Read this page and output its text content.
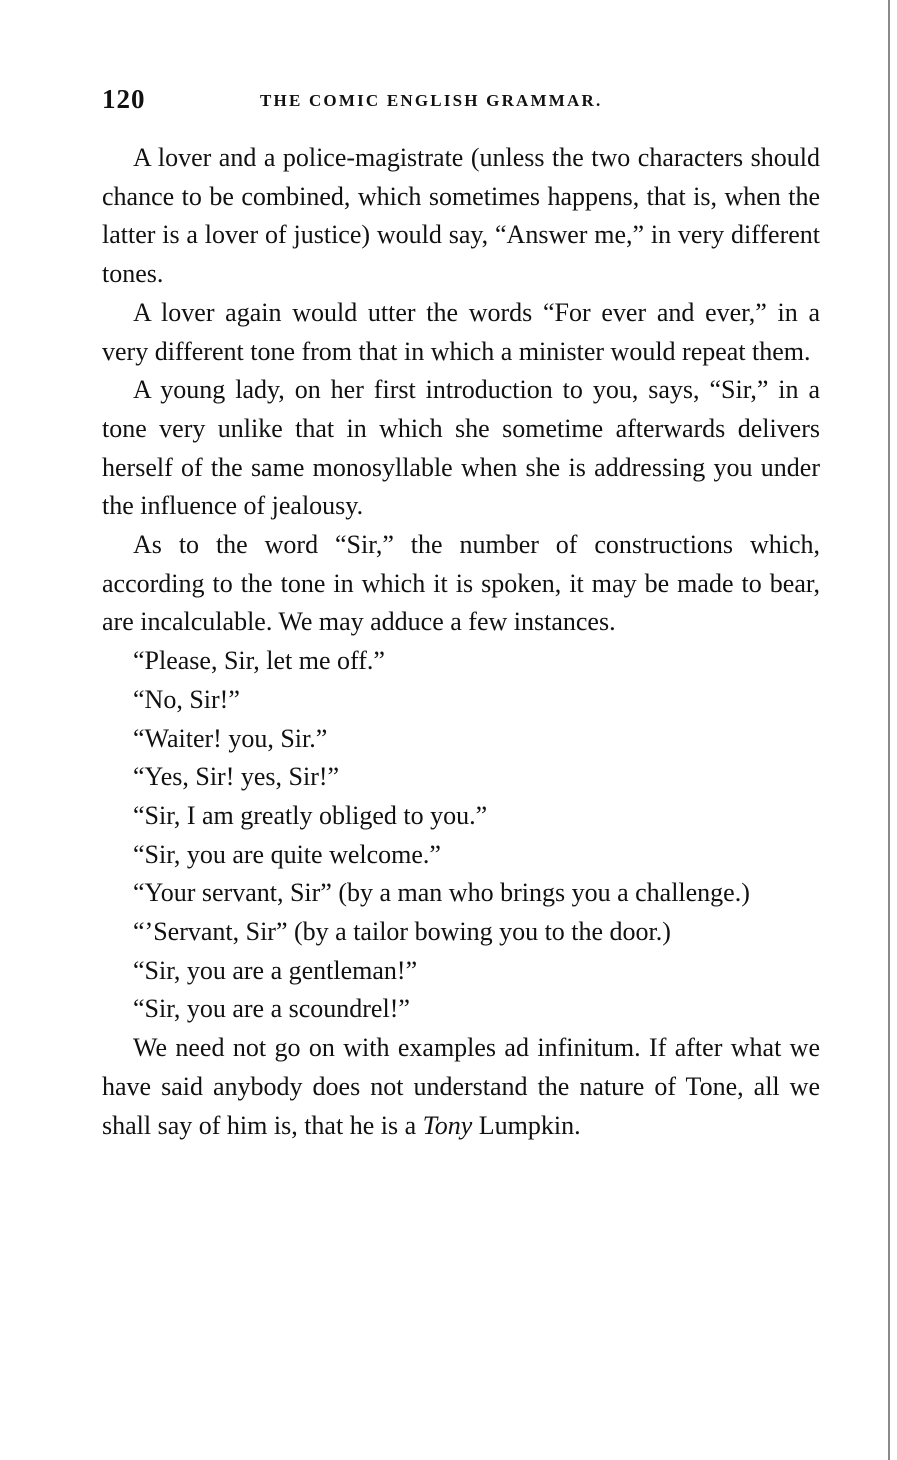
120	THE COMIC ENGLISH GRAMMAR.

A lover and a police-magistrate (unless the two characters should chance to be combined, which sometimes happens, that is, when the latter is a lover of justice) would say, “Answer me,” in very different tones.

A lover again would utter the words “For ever and ever,” in a very different tone from that in which a minister would repeat them.

A young lady, on her first introduction to you, says, “Sir,” in a tone very unlike that in which she sometime afterwards delivers herself of the same monosyllable when she is addressing you under the influence of jealousy.

As to the word “Sir,” the number of constructions which, according to the tone in which it is spoken, it may be made to bear, are incalculable. We may adduce a few instances.

“Please, Sir, let me off.”

“No, Sir!”

“Waiter! you, Sir.”

“Yes, Sir! yes, Sir!”

“Sir, I am greatly obliged to you.”

“Sir, you are quite welcome.”

“Your servant, Sir” (by a man who brings you a challenge.)

“’Servant, Sir” (by a tailor bowing you to the door.)

“Sir, you are a gentleman!”

“Sir, you are a scoundrel!”

We need not go on with examples ad infinitum. If after what we have said anybody does not understand the nature of Tone, all we shall say of him is, that he is a Tony Lumpkin.
